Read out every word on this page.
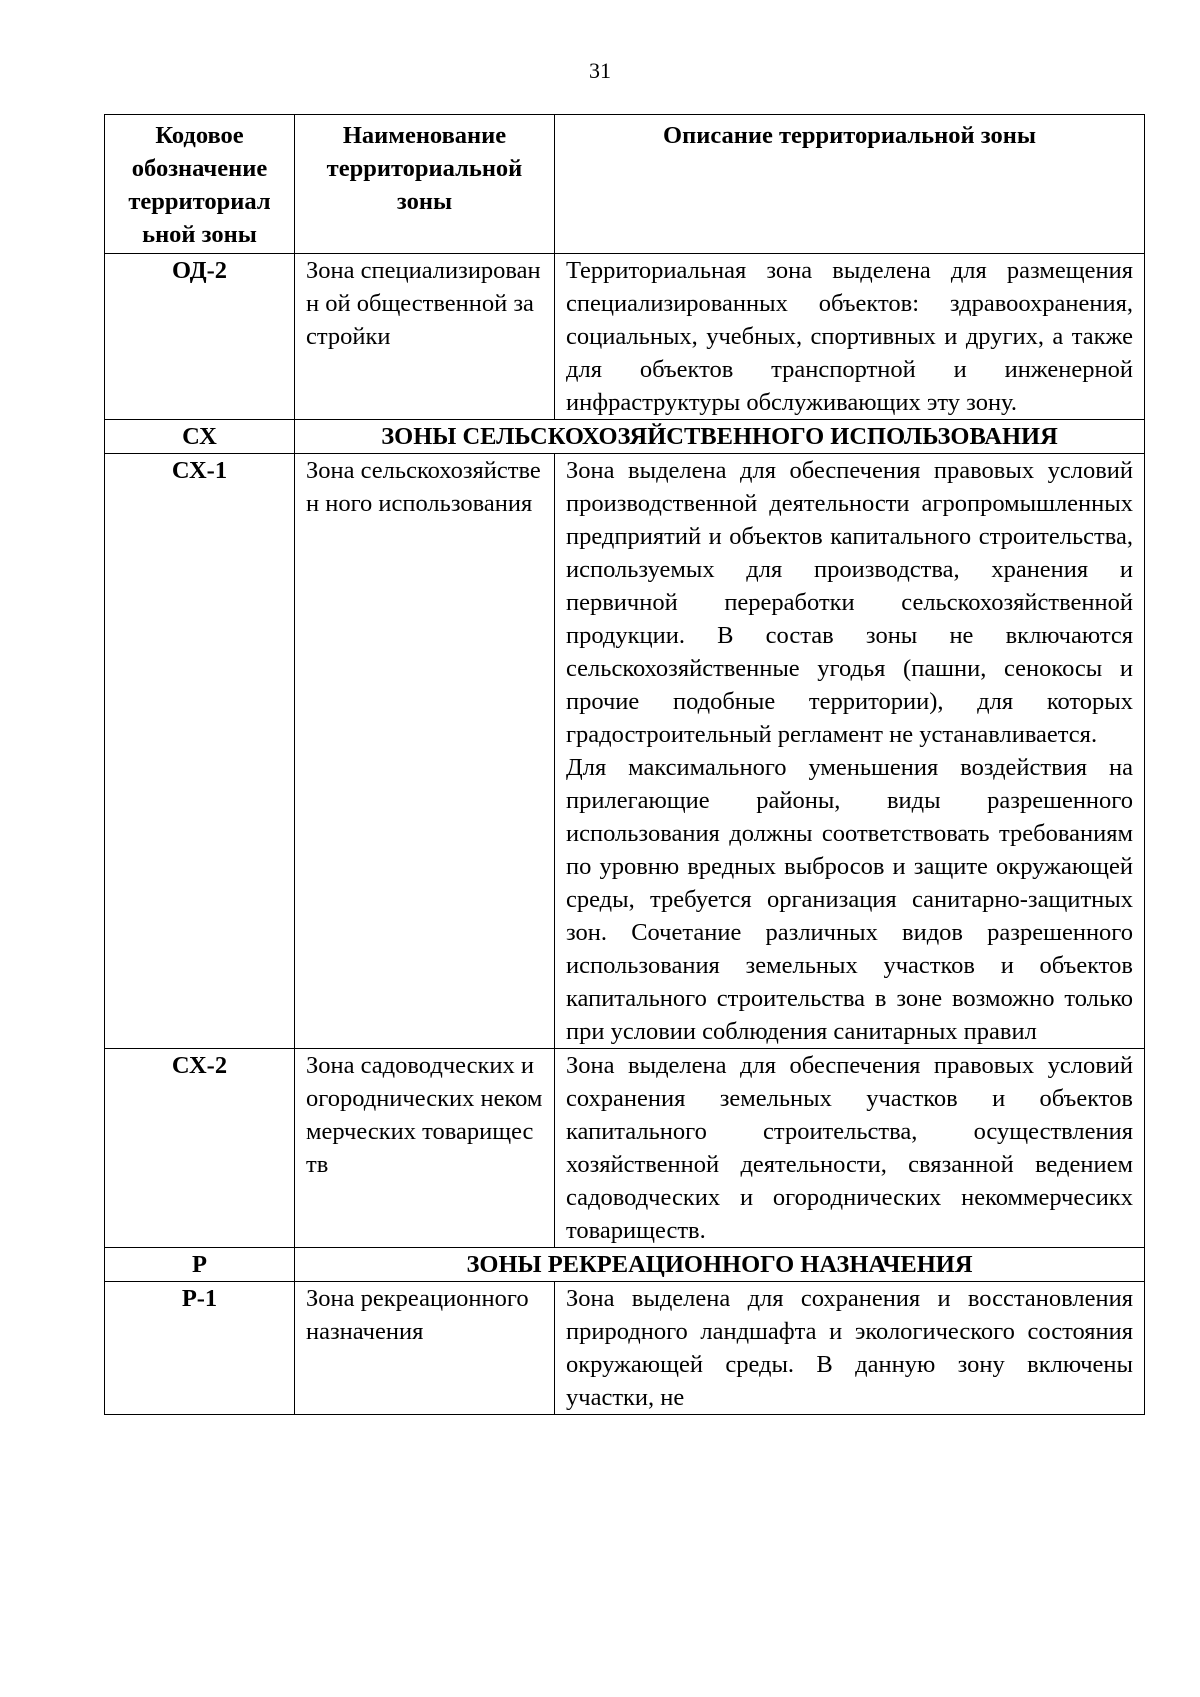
31
Кодовое обозначение территориал ьной зоны	Наименование территориальной зоны	Описание территориальной зоны
ОД-2	Зона специализированн ой общественной застройки	Территориальная зона выделена для размещения специализированных объектов: здравоохранения, социальных, учебных, спортивных и других, а также для объектов транспортной и инженерной инфраструктуры обслуживающих эту зону.
СХ	ЗОНЫ СЕЛЬСКОХОЗЯЙСТВЕННОГО ИСПОЛЬЗОВАНИЯ	
СХ-1	Зона сельскохозяйствен ного использования	Зона выделена для обеспечения правовых условий производственной деятельности агропромышленных предприятий и объектов капитального строительства, используемых для производства, хранения и первичной переработки сельскохозяйственной продукции. В состав зоны не включаются сельскохозяйственные угодья (пашни, сенокосы и прочие подобные территории), для которых градостроительный регламент не устанавливается.

Для максимального уменьшения воздействия на прилегающие районы, виды разрешенного использования должны соответствовать требованиям по уровню вредных выбросов и защите окружающей среды, требуется организация санитарно-защитных зон. Сочетание различных видов разрешенного использования земельных участков и объектов капитального строительства в зоне возможно только при условии соблюдения санитарных правил

СХ-2	Зона садоводческих и огороднических некоммерческих товариществ	Зона выделена для обеспечения правовых условий сохранения земельных участков и объектов капитального строительства, осуществления хозяйственной деятельности, связанной ведением садоводческих и огороднических некоммерчесикх товариществ.
Р	ЗОНЫ РЕКРЕАЦИОННОГО НАЗНАЧЕНИЯ	
Р-1	Зона рекреационного назначения	Зона выделена для сохранения и восстановления природного ландшафта и экологического состояния окружающей среды. В данную зону включены участки, не
